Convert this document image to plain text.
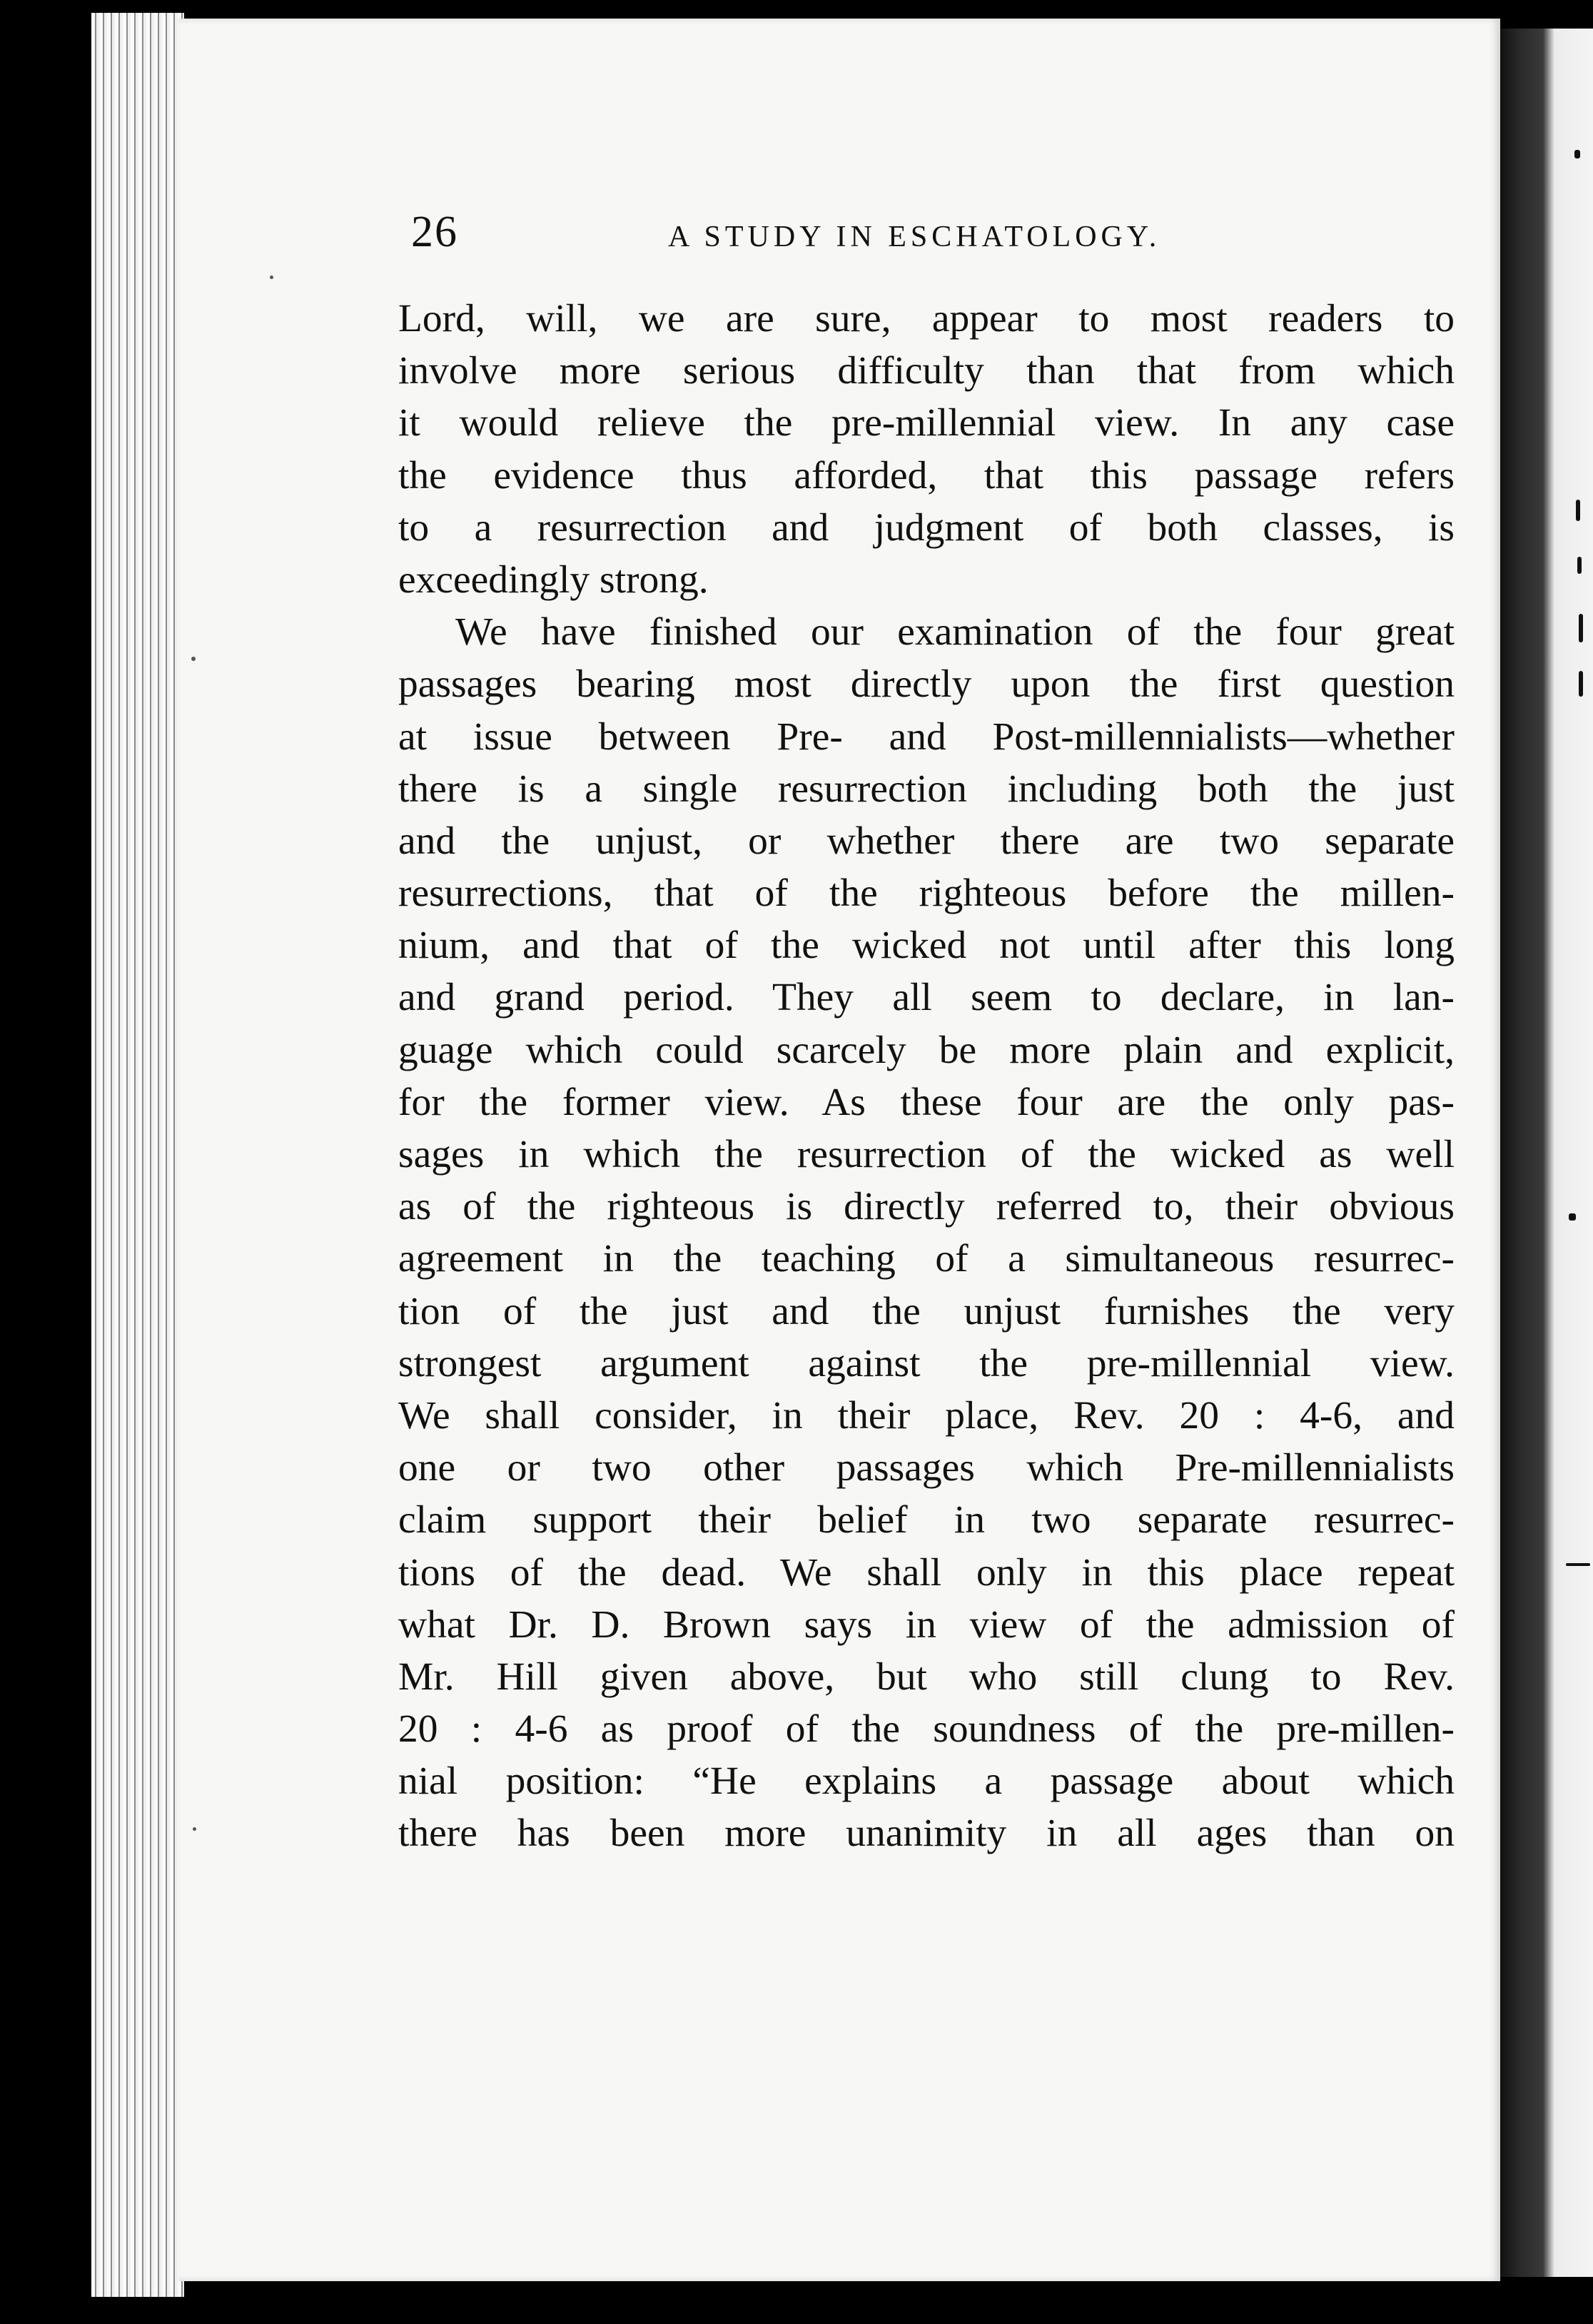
26	A STUDY IN ESCHATOLOGY.
Lord, will, we are sure, appear to most readers to
involve more serious difficulty than that from which
it would relieve the pre-millennial view. In any case
the evidence thus afforded, that this passage refers
to a resurrection and judgment of both classes, is
exceedingly strong.
We have finished our examination of the four great
passages bearing most directly upon the first question
at issue between Pre- and Post-millennialists—whether
there is a single resurrection including both the just
and the unjust, or whether there are two separate
resurrections, that of the righteous before the millen-
nium, and that of the wicked not until after this long
and grand period. They all seem to declare, in lan-
guage which could scarcely be more plain and explicit,
for the former view. As these four are the only pas-
sages in which the resurrection of the wicked as well
as of the righteous is directly referred to, their obvious
agreement in the teaching of a simultaneous resurrec-
tion of the just and the unjust furnishes the very
strongest argument against the pre-millennial view.
We shall consider, in their place, Rev. 20 : 4-6, and
one or two other passages which Pre-millennialists
claim support their belief in two separate resurrec-
tions of the dead. We shall only in this place repeat
what Dr. D. Brown says in view of the admission of
Mr. Hill given above, but who still clung to Rev.
20 : 4-6 as proof of the soundness of the pre-millen-
nial position: “He explains a passage about which
there has been more unanimity in all ages than on
